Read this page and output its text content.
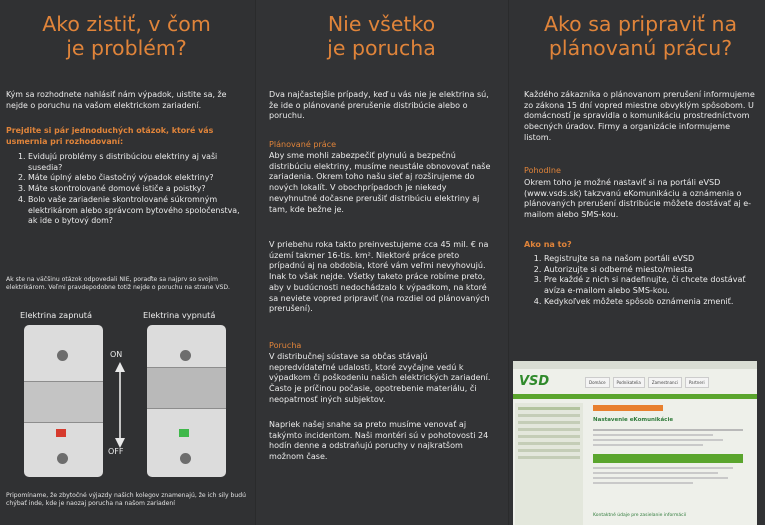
Ako zistiť, v čom
je problém?

Kým sa rozhodnete nahlásiť nám výpadok, uistite sa, že nejde o poruchu na vašom elektrickom zariadení.

Prejdite si pár jednoduchých otázok, ktoré vás usmernia pri rozhodovaní:

1. Evidujú problémy s distribúciou elektriny aj vaši susedia?
2. Máte úplný alebo čiastočný výpadok elektriny?
3. Máte skontrolované domové ističe a poistky?
4. Bolo vaše zariadenie skontrolované súkromným elektrikárom alebo správcom bytového spoločenstva, ak ide o bytový dom?

Ak ste na väčšinu otázok odpovedali NIE, poraďte sa najprv so svojím elektrikárom. Veľmi pravdepodobne totiž nejde o poruchu na strane VSD.

Elektrina zapnutá	Elektrina vypnutá
ON
OFF

Pripomíname, že zbytočné výjazdy našich kolegov znamenajú, že ich sily budú chýbať inde, kde je naozaj porucha na našom zariadení

Nie všetko
je porucha

Dva najčastejšie prípady, keď u vás nie je elektrina sú, že ide o plánované prerušenie distribúcie alebo o poruchu.

Plánované práce

Aby sme mohli zabezpečiť plynulú a bezpečnú distribúciu elektriny, musíme neustále obnovovať naše zariadenia. Okrem toho našu sieť aj rozširujeme do nových lokalít. V obochprípadoch je niekedy nevyhnutné dočasne prerušiť distribúciu elektriny aj tam, kde bežne je.

V priebehu roka takto preinvestujeme cca 45 mil. € na území takmer 16-tis. km². Niektoré práce preto prípadnú aj na obdobia, ktoré vám veľmi nevyhovujú. Inak to však nejde. Všetky taketo práce robíme preto, aby v budúcnosti nedochádzalo k výpadkom, na ktoré sa neviete vopred pripraviť (na rozdiel od plánovaných prerušení).

Porucha

V distribučnej sústave sa občas stávajú nepredvídateľné udalosti, ktoré zvyčajne vedú k výpadkom či poškodeniu našich elektrických zariadení. Často je príčinou počasie, opotrebenie materiálu, či neopatrnosť iných subjektov.

Napriek našej snahe sa preto musíme venovať aj takýmto incidentom. Naši montéri sú v pohotovosti 24 hodín denne a odstraňujú poruchy v najkratšom možnom čase.

Ako sa pripraviť na
plánovanú prácu?

Každého zákazníka o plánovanom prerušení informujeme zo zákona 15 dní vopred miestne obvyklým spôsobom. U domácností je spravidla o komunikáciu prostredníctvom obecných úradov. Firmy a organizácie informujeme listom.

Pohodlne

Okrem toho je možné nastaviť si na portáli eVSD (www.vsds.sk) takzvanú eKomunikáciu a oznámenia o plánovaných prerušení distribúcie môžete dostávať aj e-mailom alebo SMS-kou.

Ako na to?

1. Registrujte sa na našom portáli eVSD
2. Autorizujte si odberné miesto/miesta
3. Pre každé z nich si nadefinujte, či chcete dostávať avíza e-mailom alebo SMS-kou.
4. Kedykoľvek môžete spôsob oznámenia zmeniť.
VSD	Domáce	Podnikatelia	Zamestnanci	Partneri
Nastavenie eKomunikácie
Kontaktné údaje pre zasielanie informácií
